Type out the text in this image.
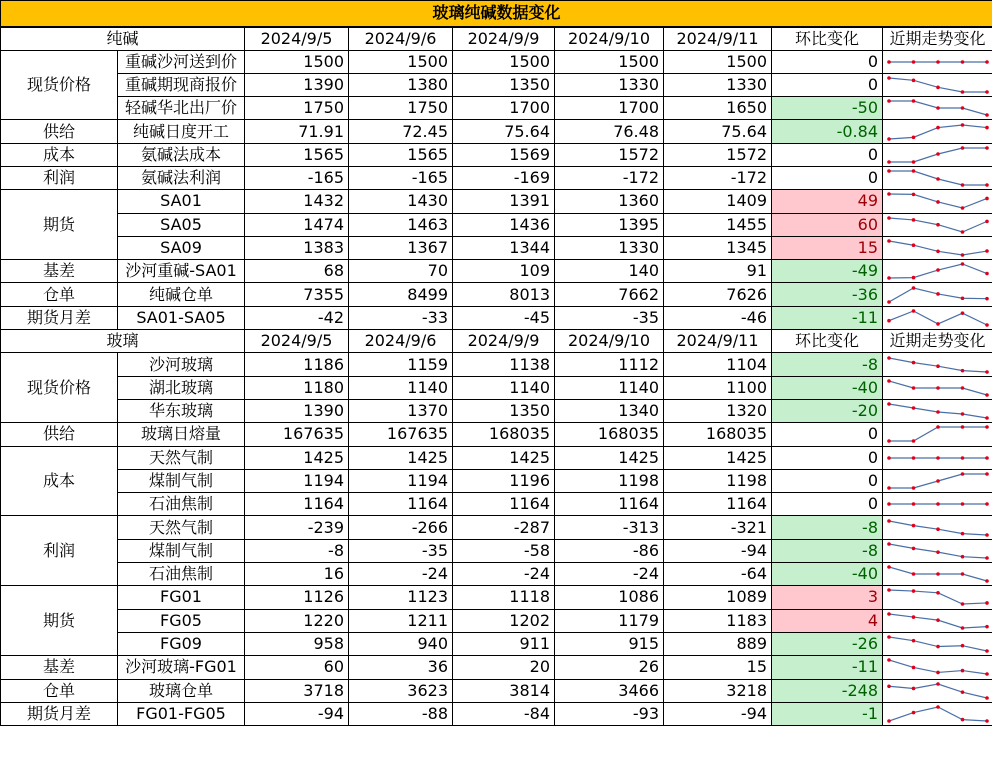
玻璃纯碱数据变化								
纯碱		2024/9/5	2024/9/6	2024/9/9	2024/9/10	2024/9/11	环比变化	近期走势变化
现货价格	重碱沙河送到价	1500	1500	1500	1500	1500	0	

	重碱期现商报价	1390	1380	1350	1330	1330	0	

	轻碱华北出厂价	1750	1750	1700	1700	1650	-50	

供给	纯碱日度开工	71.91	72.45	75.64	76.48	75.64	-0.84	

成本	氨碱法成本	1565	1565	1569	1572	1572	0	

利润	氨碱法利润	-165	-165	-169	-172	-172	0	

期货	SA01	1432	1430	1391	1360	1409	49	

	SA05	1474	1463	1436	1395	1455	60	

	SA09	1383	1367	1344	1330	1345	15	

基差	沙河重碱-SA01	68	70	109	140	91	-49	

仓单	纯碱仓单	7355	8499	8013	7662	7626	-36	

期货月差	SA01-SA05	-42	-33	-45	-35	-46	-11	

玻璃		2024/9/5	2024/9/6	2024/9/9	2024/9/10	2024/9/11	环比变化	近期走势变化
现货价格	沙河玻璃	1186	1159	1138	1112	1104	-8	

	湖北玻璃	1180	1140	1140	1140	1100	-40	

	华东玻璃	1390	1370	1350	1340	1320	-20	

供给	玻璃日熔量	167635	167635	168035	168035	168035	0	

成本	天然气制	1425	1425	1425	1425	1425	0	

	煤制气制	1194	1194	1196	1198	1198	0	

	石油焦制	1164	1164	1164	1164	1164	0	

利润	天然气制	-239	-266	-287	-313	-321	-8	

	煤制气制	-8	-35	-58	-86	-94	-8	

	石油焦制	16	-24	-24	-24	-64	-40	

期货	FG01	1126	1123	1118	1086	1089	3	

	FG05	1220	1211	1202	1179	1183	4	

	FG09	958	940	911	915	889	-26	

基差	沙河玻璃-FG01	60	36	20	26	15	-11	

仓单	玻璃仓单	3718	3623	3814	3466	3218	-248	

期货月差	FG01-FG05	-94	-88	-84	-93	-94	-1	
